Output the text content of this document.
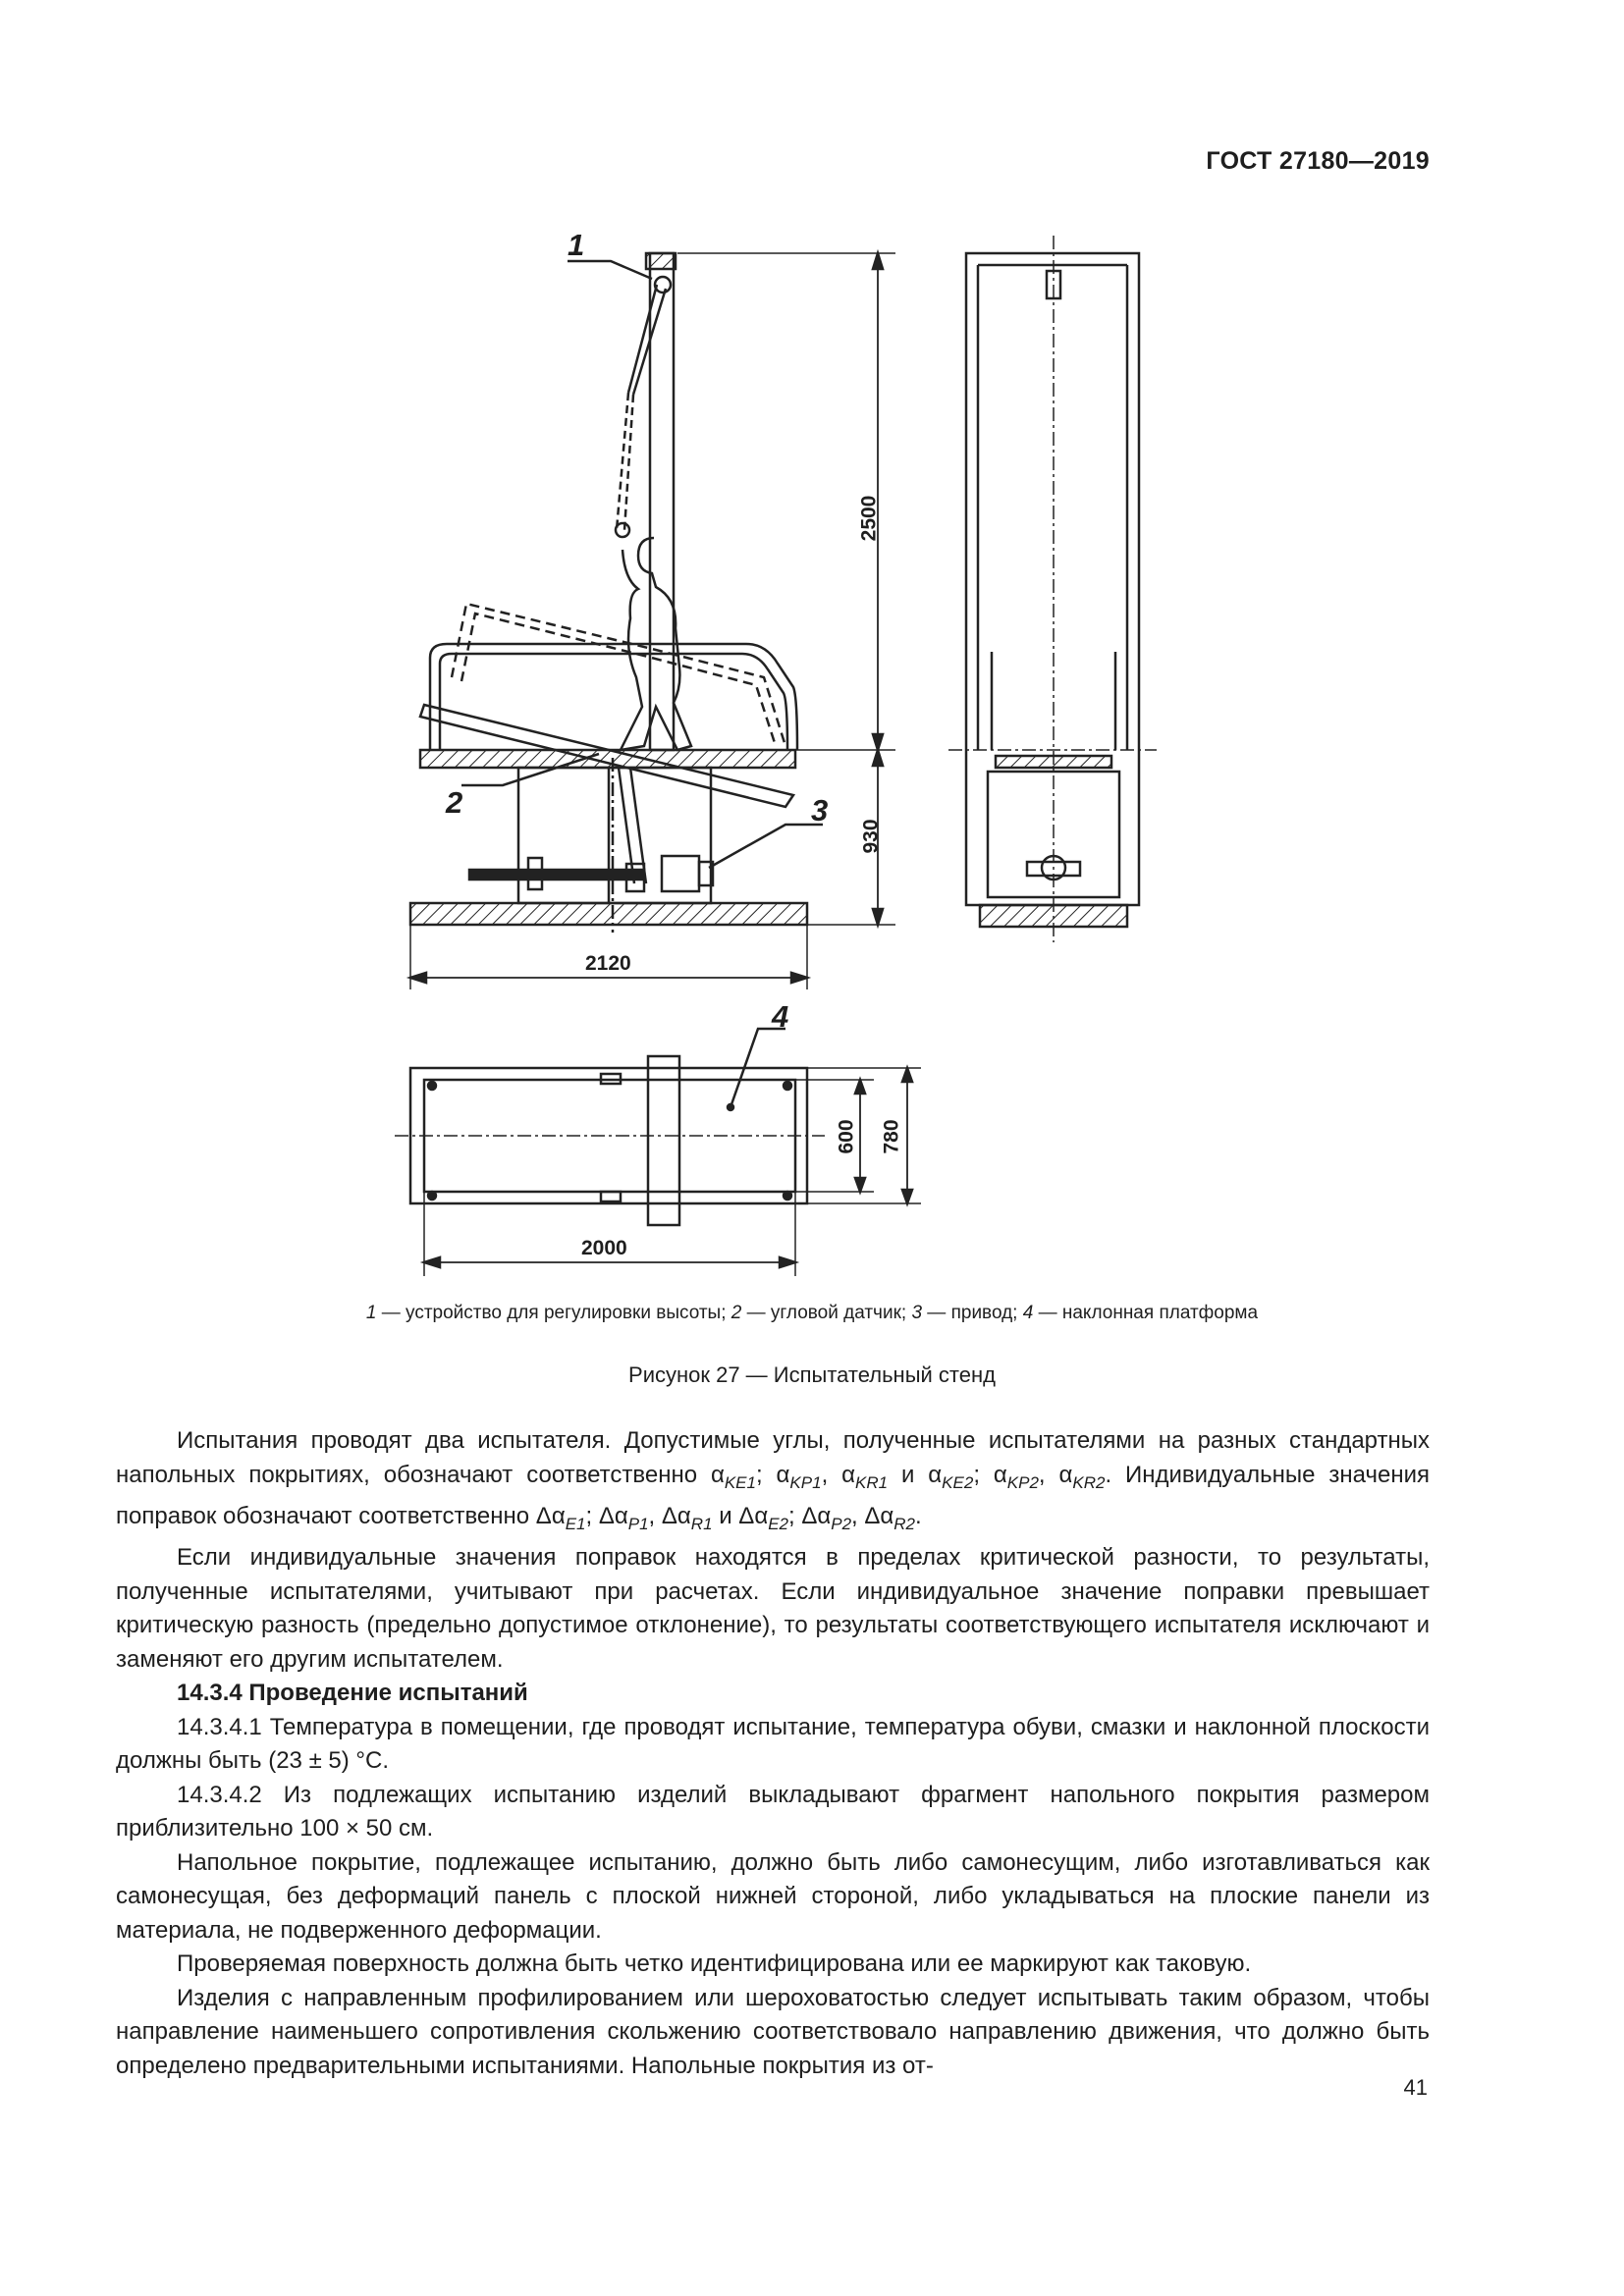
ГОСТ 27180—2019
1
2	3
4
2500
930
2120
2000
600 780
1 — устройство для регулировки высоты; 2 — угловой датчик; 3 — привод; 4 — наклонная платформа
Рисунок 27 — Испытательный стенд

Испытания проводят два испытателя. Допустимые углы, полученные испытателями на разных стандартных напольных покрытиях, обозначают соответственно $\alpha_{KE1}$; $\alpha_{KP1}$, $\alpha_{KR1}$ и $\alpha_{KE2}$; $\alpha_{KP2}$, $\alpha_{KR2}$. Индивидуальные значения поправок обозначают соответственно $\Delta\alpha_{E1}$; $\Delta\alpha_{P1}$, $\Delta\alpha_{R1}$ и $\Delta\alpha_{E2}$; $\Delta\alpha_{P2}$, $\Delta\alpha_{R2}$.

Если индивидуальные значения поправок находятся в пределах критической разности, то результаты, полученные испытателями, учитывают при расчетах. Если индивидуальное значение поправки превышает критическую разность (предельно допустимое отклонение), то результаты соответствующего испытателя исключают и заменяют его другим испытателем.

14.3.4 Проведение испытаний

14.3.4.1 Температура в помещении, где проводят испытание, температура обуви, смазки и наклонной плоскости должны быть (23 ± 5) °С.

14.3.4.2 Из подлежащих испытанию изделий выкладывают фрагмент напольного покрытия размером приблизительно 100 × 50 см.

Напольное покрытие, подлежащее испытанию, должно быть либо самонесущим, либо изготавливаться как самонесущая, без деформаций панель с плоской нижней стороной, либо укладываться на плоские панели из материала, не подверженного деформации.

Проверяемая поверхность должна быть четко идентифицирована или ее маркируют как таковую.

Изделия с направленным профилированием или шероховатостью следует испытывать таким образом, чтобы направление наименьшего сопротивления скольжению соответствовало направлению движения, что должно быть определено предварительными испытаниями. Напольные покрытия из от-

41
